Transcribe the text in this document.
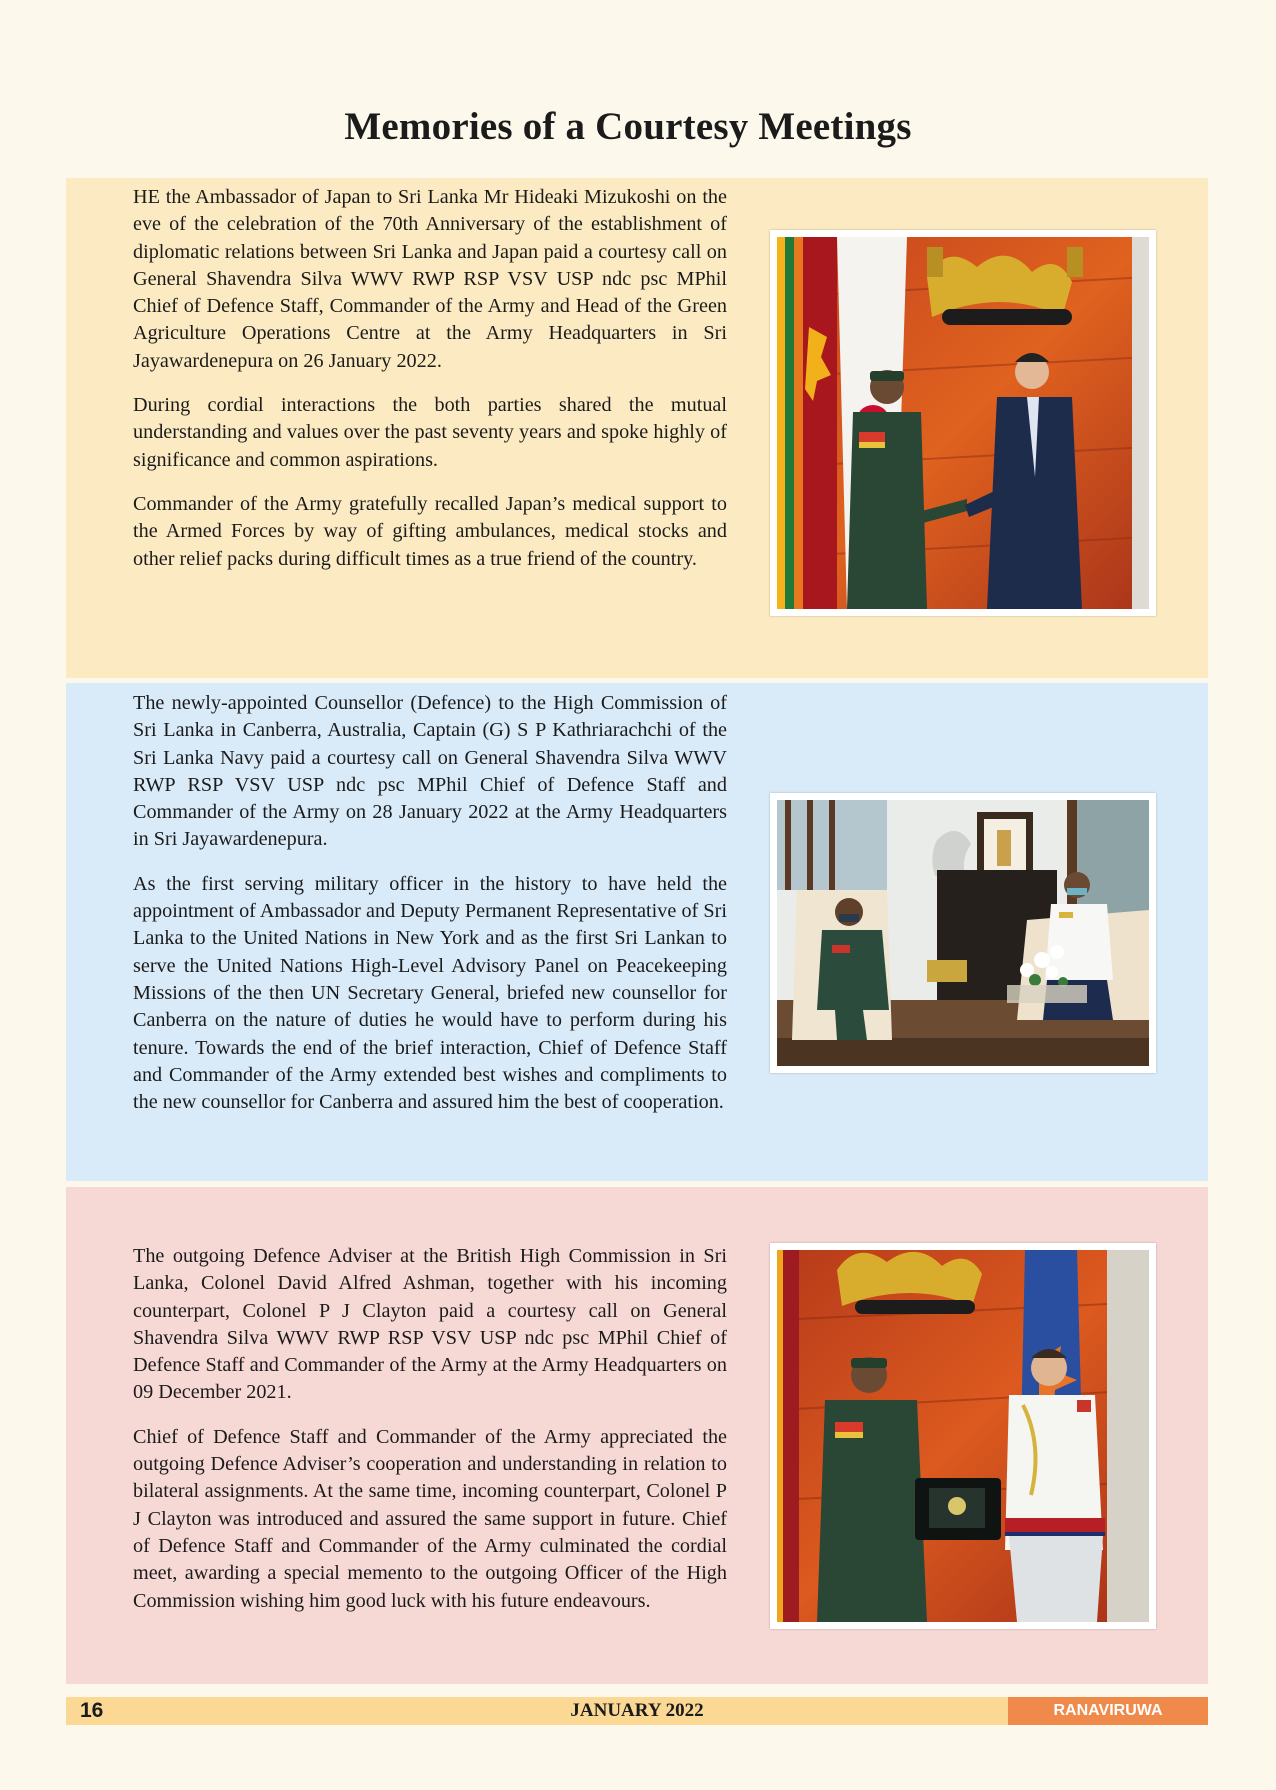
Memories of a Courtesy Meetings

HE the Ambassador of Japan to Sri Lanka Mr Hideaki Mizukoshi on the eve of the celebration of the 70th Anniversary of the establishment of diplomatic relations between Sri Lanka and Japan paid a courtesy call on General Shavendra Silva WWV RWP RSP VSV USP ndc psc MPhil Chief of Defence Staff, Commander of the Army and Head of the Green Agriculture Operations Centre at the Army Headquarters in Sri Jayawardenepura on 26 January 2022.

During cordial interactions the both parties shared the mutual understanding and values over the past seventy years and spoke highly of significance and common aspirations.

Commander of the Army gratefully recalled Japan’s medical support to the Armed Forces by way of gifting ambulances, medical stocks and other relief packs during difficult times as a true friend of the country.

The newly-appointed Counsellor (Defence) to the High Commission of Sri Lanka in Canberra, Australia, Captain (G) S P Kathriarachchi of the Sri Lanka Navy paid a courtesy call on General Shavendra Silva WWV RWP RSP VSV USP ndc psc MPhil Chief of Defence Staff and Commander of the Army on 28 January 2022 at the Army Headquarters in Sri Jayawardenepura.

As the first serving military officer in the history to have held the appointment of Ambassador and Deputy Permanent Representative of Sri Lanka to the United Nations in New York and as the first Sri Lankan to serve the United Nations High-Level Advisory Panel on Peacekeeping Missions of the then UN Secretary General, briefed new counsellor for Canberra on the nature of duties he would have to perform during his tenure. Towards the end of the brief interaction, Chief of Defence Staff and Commander of the Army extended best wishes and compliments to the new counsellor for Canberra and assured him the best of cooperation.

The outgoing Defence Adviser at the British High Commission in Sri Lanka, Colonel David Alfred Ashman, together with his incoming counterpart, Colonel P J Clayton paid a courtesy call on General Shavendra Silva WWV RWP RSP VSV USP ndc psc MPhil Chief of Defence Staff and Commander of the Army at the Army Headquarters on 09 December 2021.

Chief of Defence Staff and Commander of the Army appreciated the outgoing Defence Adviser’s cooperation and understanding in relation to bilateral assignments. At the same time, incoming counterpart, Colonel P J Clayton was introduced and assured the same support in future. Chief of Defence Staff and Commander of the Army culminated the cordial meet, awarding a special memento to the outgoing Officer of the High Commission wishing him good luck with his future endeavours.

16	JANUARY 2022	RANAVIRUWA
